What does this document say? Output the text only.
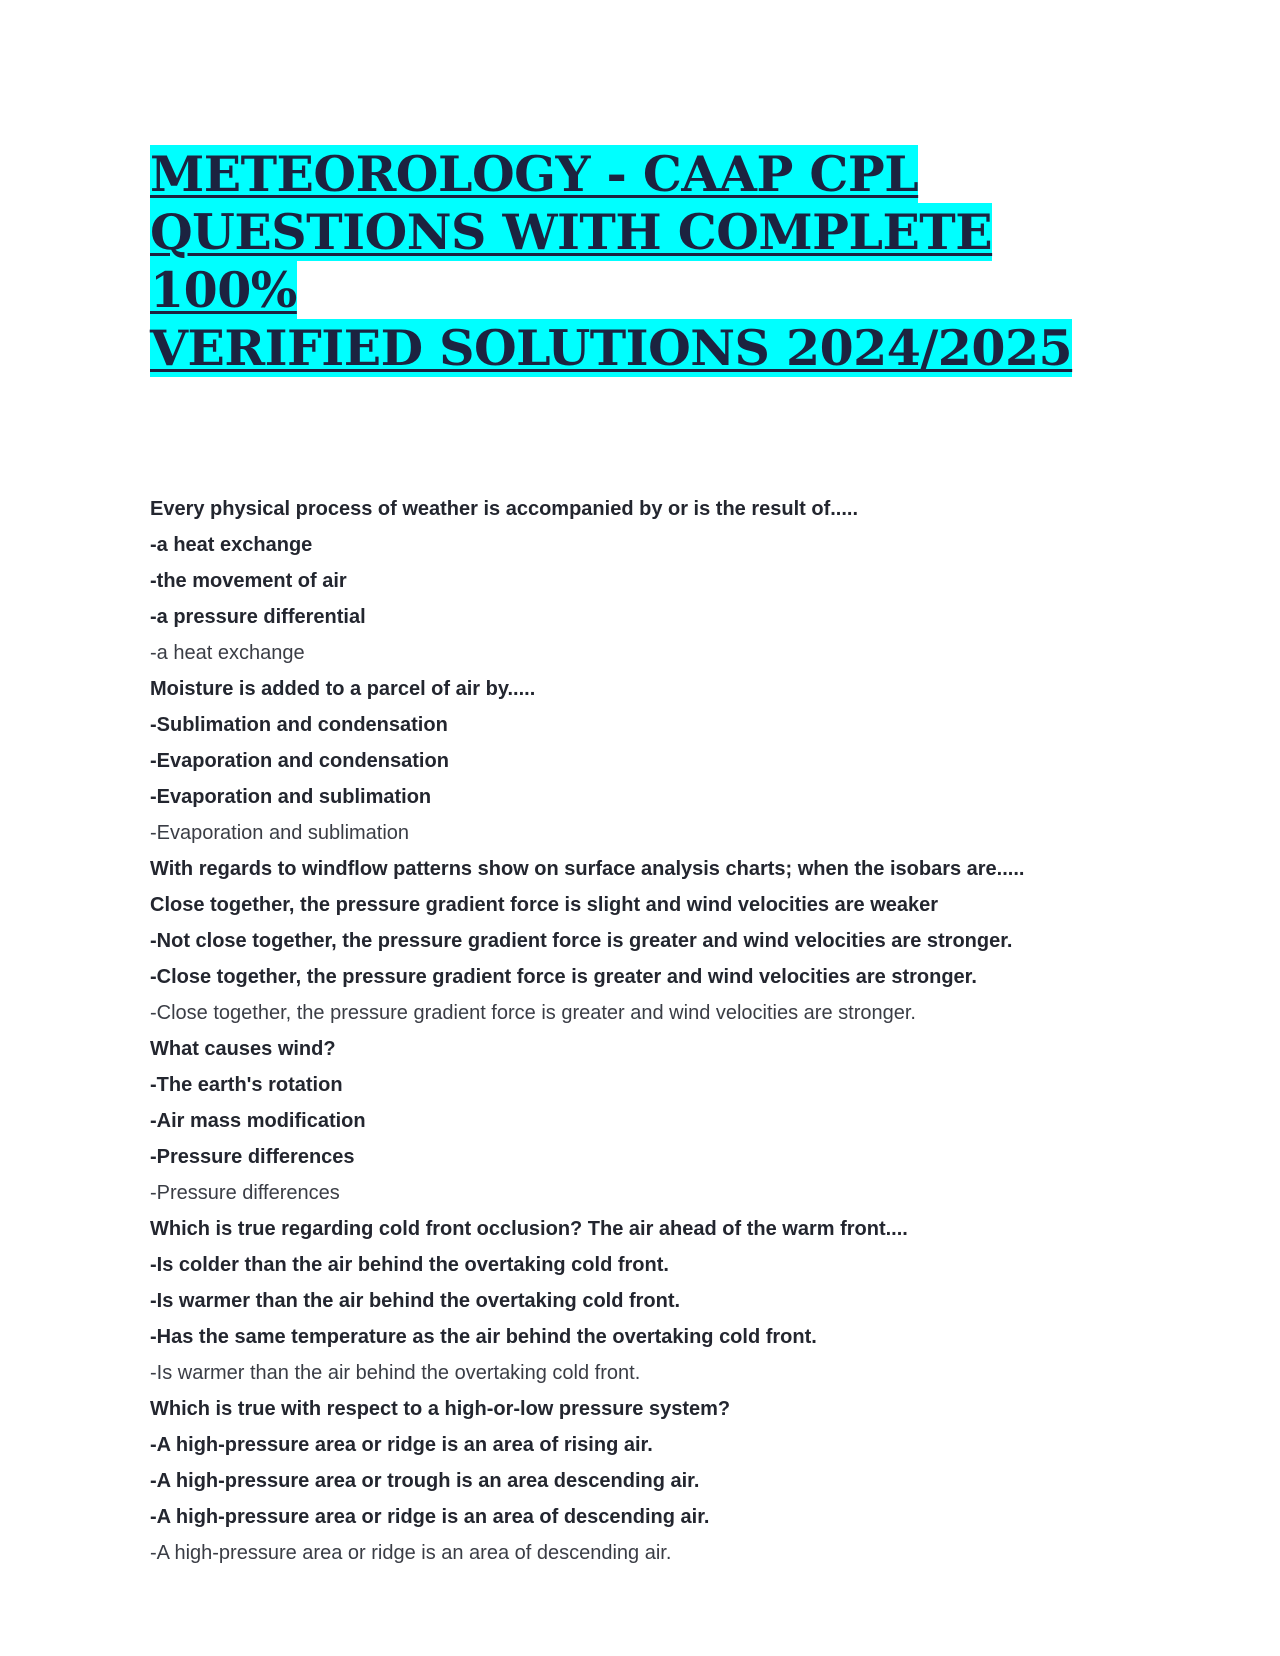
METEOROLOGY - CAAP CPL
QUESTIONS WITH COMPLETE 100%
VERIFIED SOLUTIONS 2024/2025
Every physical process of weather is accompanied by or is the result of.....
-a heat exchange
-the movement of air
-a pressure differential
-a heat exchange
Moisture is added to a parcel of air by.....
-Sublimation and condensation
-Evaporation and condensation
-Evaporation and sublimation
-Evaporation and sublimation
With regards to windflow patterns show on surface analysis charts; when the isobars are.....
Close together, the pressure gradient force is slight and wind velocities are weaker
-Not close together, the pressure gradient force is greater and wind velocities are stronger.
-Close together, the pressure gradient force is greater and wind velocities are stronger.
-Close together, the pressure gradient force is greater and wind velocities are stronger.
What causes wind?
-The earth's rotation
-Air mass modification
-Pressure differences
-Pressure differences
Which is true regarding cold front occlusion? The air ahead of the warm front....
-Is colder than the air behind the overtaking cold front.
-Is warmer than the air behind the overtaking cold front.
-Has the same temperature as the air behind the overtaking cold front.
-Is warmer than the air behind the overtaking cold front.
Which is true with respect to a high-or-low pressure system?
-A high-pressure area or ridge is an area of rising air.
-A high-pressure area or trough is an area descending air.
-A high-pressure area or ridge is an area of descending air.
-A high-pressure area or ridge is an area of descending air.
